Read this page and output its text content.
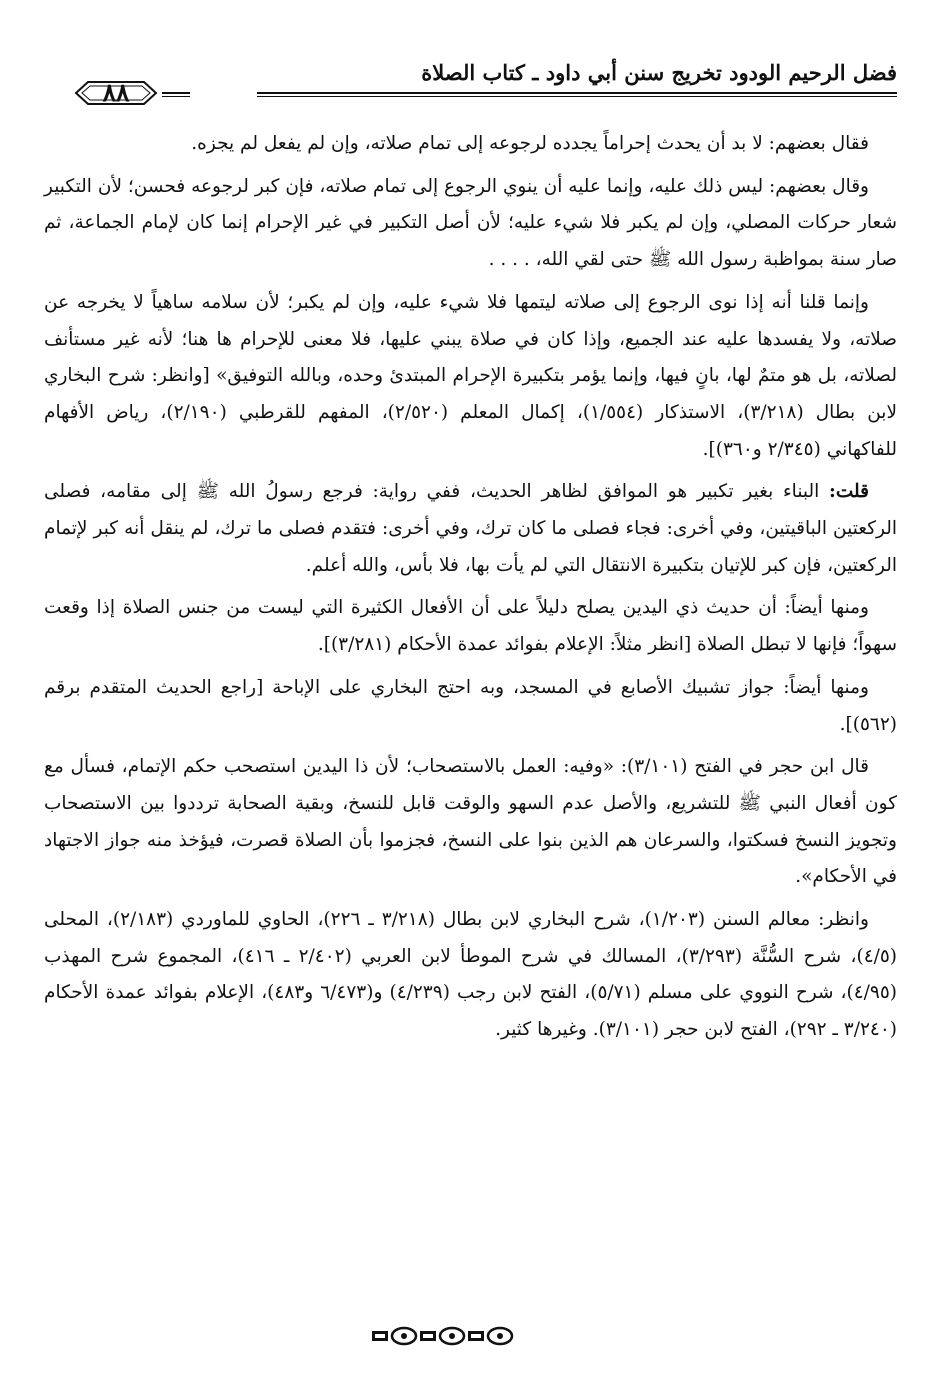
فضل الرحيم الودود تخريج سنن أبي داود ـ كتاب الصلاة
٨٨

فقال بعضهم: لا بد أن يحدث إحراماً يجدده لرجوعه إلى تمام صلاته، وإن لم يفعل لم يجزه.

وقال بعضهم: ليس ذلك عليه، وإنما عليه أن ينوي الرجوع إلى تمام صلاته، فإن كبر لرجوعه فحسن؛ لأن التكبير شعار حركات المصلي، وإن لم يكبر فلا شيء عليه؛ لأن أصل التكبير في غير الإحرام إنما كان لإمام الجماعة، ثم صار سنة بمواظبة رسول الله ﷺ حتى لقي الله، . . . .

وإنما قلنا أنه إذا نوى الرجوع إلى صلاته ليتمها فلا شيء عليه، وإن لم يكبر؛ لأن سلامه ساهياً لا يخرجه عن صلاته، ولا يفسدها عليه عند الجميع، وإذا كان في صلاة يبني عليها، فلا معنى للإحرام ها هنا؛ لأنه غير مستأنف لصلاته، بل هو متمٌ لها، بانٍ فيها، وإنما يؤمر بتكبيرة الإحرام المبتدئ وحده، وبالله التوفيق» [وانظر: شرح البخاري لابن بطال (٣/٢١٨)، الاستذكار (١/٥٥٤)، إكمال المعلم (٢/٥٢٠)، المفهم للقرطبي (٢/١٩٠)، رياض الأفهام للفاكهاني (٢/٣٤٥ و٣٦٠)].

قلت: البناء بغير تكبير هو الموافق لظاهر الحديث، ففي رواية: فرجع رسولُ الله ﷺ إلى مقامه، فصلى الركعتين الباقيتين، وفي أخرى: فجاء فصلى ما كان ترك، وفي أخرى: فتقدم فصلى ما ترك، لم ينقل أنه كبر لإتمام الركعتين، فإن كبر للإتيان بتكبيرة الانتقال التي لم يأت بها، فلا بأس، والله أعلم.

ومنها أيضاً: أن حديث ذي اليدين يصلح دليلاً على أن الأفعال الكثيرة التي ليست من جنس الصلاة إذا وقعت سهواً؛ فإنها لا تبطل الصلاة [انظر مثلاً: الإعلام بفوائد عمدة الأحكام (٣/٢٨١)].

ومنها أيضاً: جواز تشبيك الأصابع في المسجد، وبه احتج البخاري على الإباحة [راجع الحديث المتقدم برقم (٥٦٢)].

قال ابن حجر في الفتح (٣/١٠١): «وفيه: العمل بالاستصحاب؛ لأن ذا اليدين استصحب حكم الإتمام، فسأل مع كون أفعال النبي ﷺ للتشريع، والأصل عدم السهو والوقت قابل للنسخ، وبقية الصحابة ترددوا بين الاستصحاب وتجويز النسخ فسكتوا، والسرعان هم الذين بنوا على النسخ، فجزموا بأن الصلاة قصرت، فيؤخذ منه جواز الاجتهاد في الأحكام».

وانظر: معالم السنن (١/٢٠٣)، شرح البخاري لابن بطال (٣/٢١٨ ـ ٢٢٦)، الحاوي للماوردي (٢/١٨٣)، المحلى (٤/٥)، شرح السُّنَّة (٣/٢٩٣)، المسالك في شرح الموطأ لابن العربي (٢/٤٠٢ ـ ٤١٦)، المجموع شرح المهذب (٤/٩٥)، شرح النووي على مسلم (٥/٧١)، الفتح لابن رجب (٤/٢٣٩) و(٦/٤٧٣ و٤٨٣)، الإعلام بفوائد عمدة الأحكام (٣/٢٤٠ ـ ٢٩٢)، الفتح لابن حجر (٣/١٠١). وغيرها كثير.
